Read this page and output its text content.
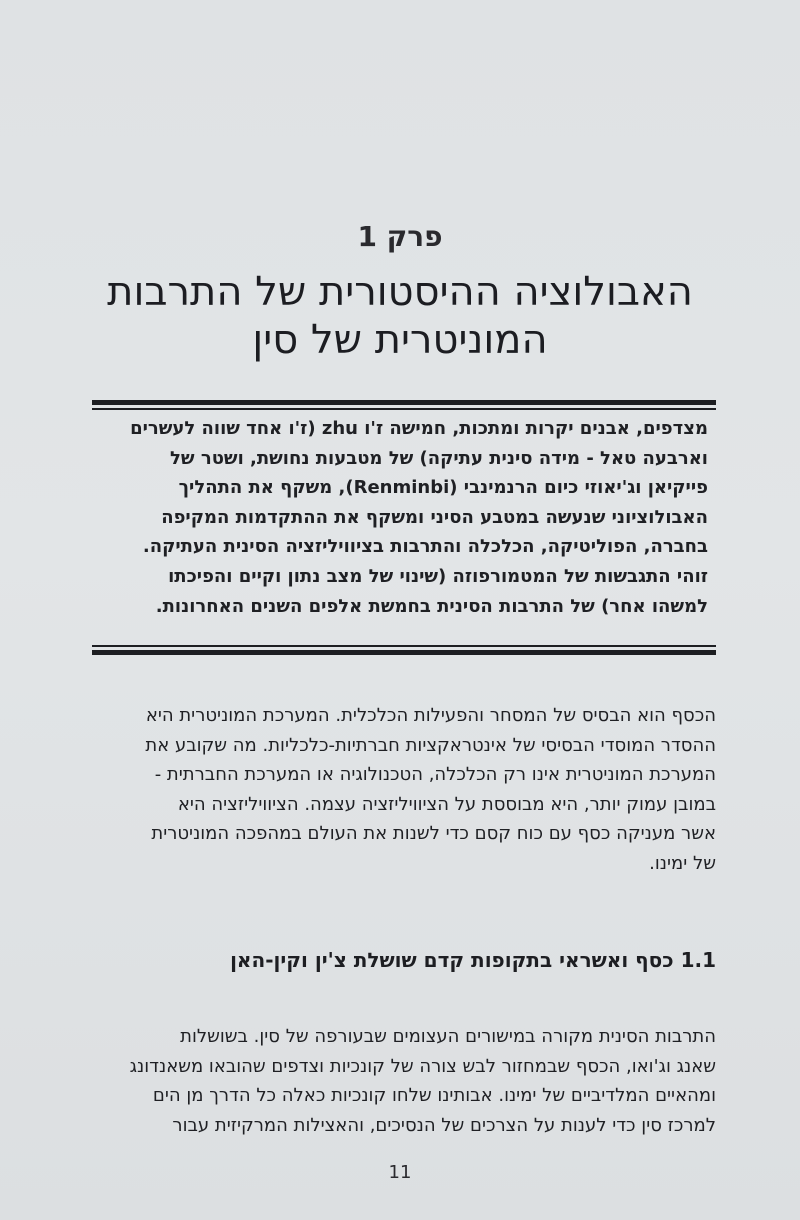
פרק 1
האבולוציה ההיסטורית של התרבות
המוניטרית של סין
מצדפים, אבנים יקרות ומתכות, חמישה ז'ו zhu (ז'ו אחד שווה לעשרים
וארבעה טאל - מידה סינית עתיקה) של מטבעות נחושת, ושטר של
פייקיאן וג'יאוזי כיום הרנמינבי (Renminbi), משקף את התהליך
האבולוציוני שנעשה במטבע הסיני ומשקף את ההתקדמות המקיפה
בחברה, הפוליטיקה, הכלכלה והתרבות בציוויליזציה הסינית העתיקה.
זוהי התגבשות של המטמורפוזה (שינוי של מצב נתון וקיים והפיכתו
למשהו אחר) של התרבות הסינית בחמשת אלפים השנים האחרונות.
הכסף הוא הבסיס של המסחר והפעילות הכלכלית. המערכת המוניטרית היא
ההסדר המוסדי הבסיסי של אינטראקציות חברתיות-כלכליות. מה שקובע את
המערכת המוניטרית אינו רק הכלכלה, הטכנולוגיה או המערכת החברתית -
במובן עמוק יותר, היא מבוססת על הציוויליזציה עצמה. הציוויליזציה היא
אשר מעניקה כסף עם כוח קסם כדי לשנות את העולם במהפכה המוניטרית
של ימינו.
1.1 כסף ואשראי בתקופות קדם שושלת צ'ין וקין-האן
התרבות הסינית מקורה במישורים העצומים שבעורפה של סין. בשושלות
שאנג וג'ואו, הכסף שבמחזור לבש צורה של קונכיות וצדפים שהובאו משאנדונג
ומהאיים המלדיביים של ימינו. אבותינו שלחו קונכיות כאלה כל הדרך מן הים
למרכז סין כדי לענות על הצרכים של הנסיכים, והאצילות המרקיזית עבור
11
